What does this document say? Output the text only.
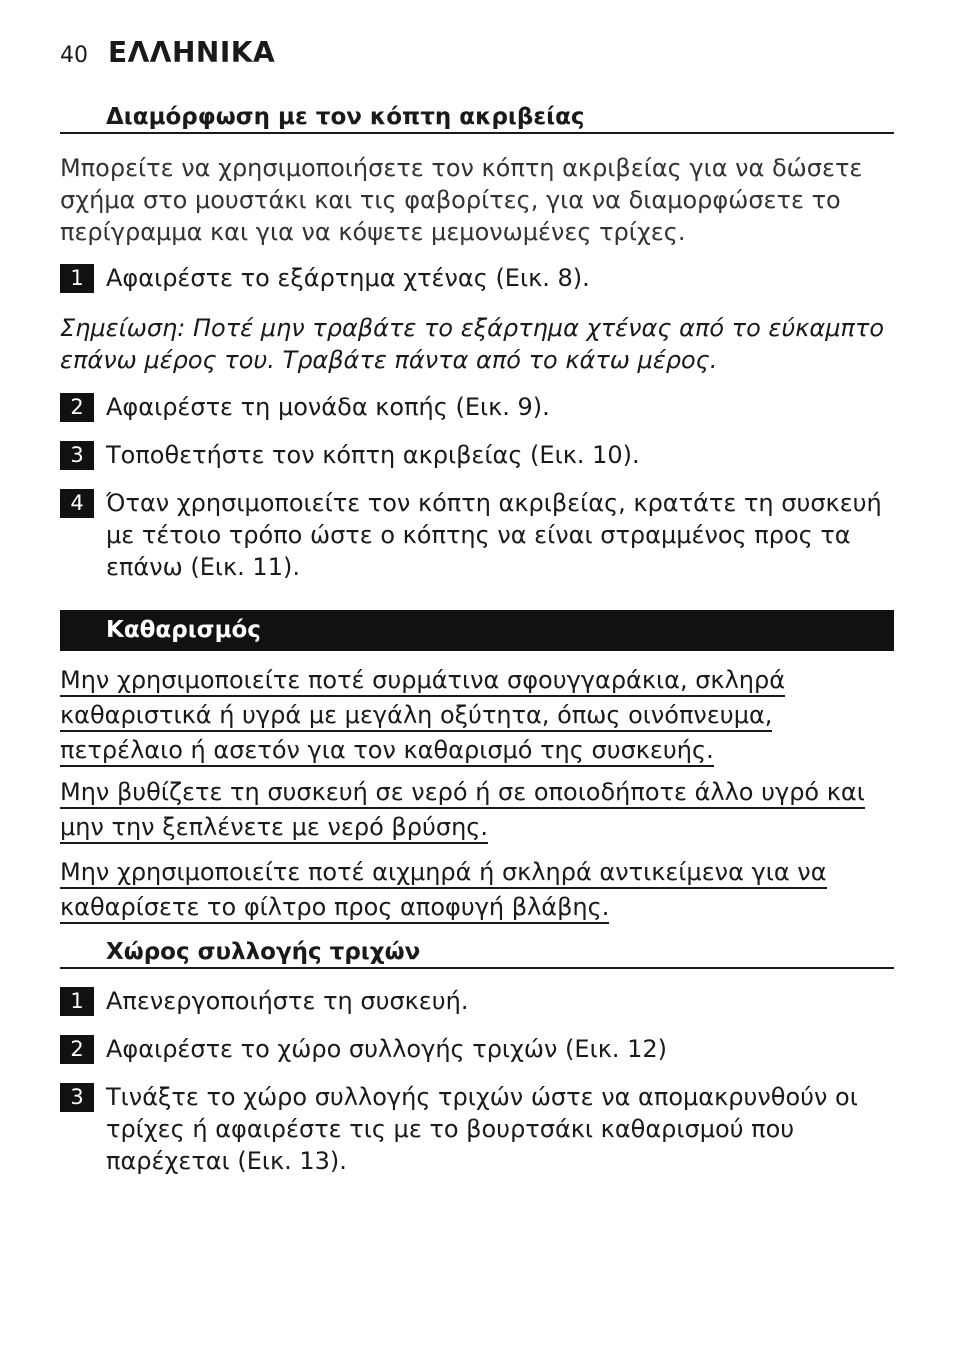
40 ΕΛΛΗΝΙΚΑ
Διαμόρφωση με τον κόπτη ακριβείας
Μπορείτε να χρησιμοποιήσετε τον κόπτη ακριβείας για να δώσετε
σχήμα στο μουστάκι και τις φαβορίτες, για να διαμορφώσετε το
περίγραμμα και για να κόψετε μεμονωμένες τρίχες.
1 Αφαιρέστε το εξάρτημα χτένας (Εικ. 8).
Σημείωση: Ποτέ μην τραβάτε το εξάρτημα χτένας από το εύκαμπτο
επάνω μέρος του. Τραβάτε πάντα από το κάτω μέρος.
2 Αφαιρέστε τη μονάδα κοπής (Εικ. 9).
3 Τοποθετήστε τον κόπτη ακριβείας (Εικ. 10).
4 Όταν χρησιμοποιείτε τον κόπτη ακριβείας, κρατάτε τη συσκευή
με τέτοιο τρόπο ώστε ο κόπτης να είναι στραμμένος προς τα
επάνω (Εικ. 11).
Καθαρισμός
Μην χρησιμοποιείτε ποτέ συρμάτινα σφουγγαράκια, σκληρά
καθαριστικά ή υγρά με μεγάλη οξύτητα, όπως οινόπνευμα,
πετρέλαιο ή ασετόν για τον καθαρισμό της συσκευής.
Μην βυθίζετε τη συσκευή σε νερό ή σε οποιοδήποτε άλλο υγρό και
μην την ξεπλένετε με νερό βρύσης.
Μην χρησιμοποιείτε ποτέ αιχμηρά ή σκληρά αντικείμενα για να
καθαρίσετε το φίλτρο προς αποφυγή βλάβης.
Χώρος συλλογής τριχών
1 Απενεργοποιήστε τη συσκευή.
2 Αφαιρέστε το χώρο συλλογής τριχών (Εικ. 12)
3 Τινάξτε το χώρο συλλογής τριχών ώστε να απομακρυνθούν οι
τρίχες ή αφαιρέστε τις με το βουρτσάκι καθαρισμού που
παρέχεται (Εικ. 13).
